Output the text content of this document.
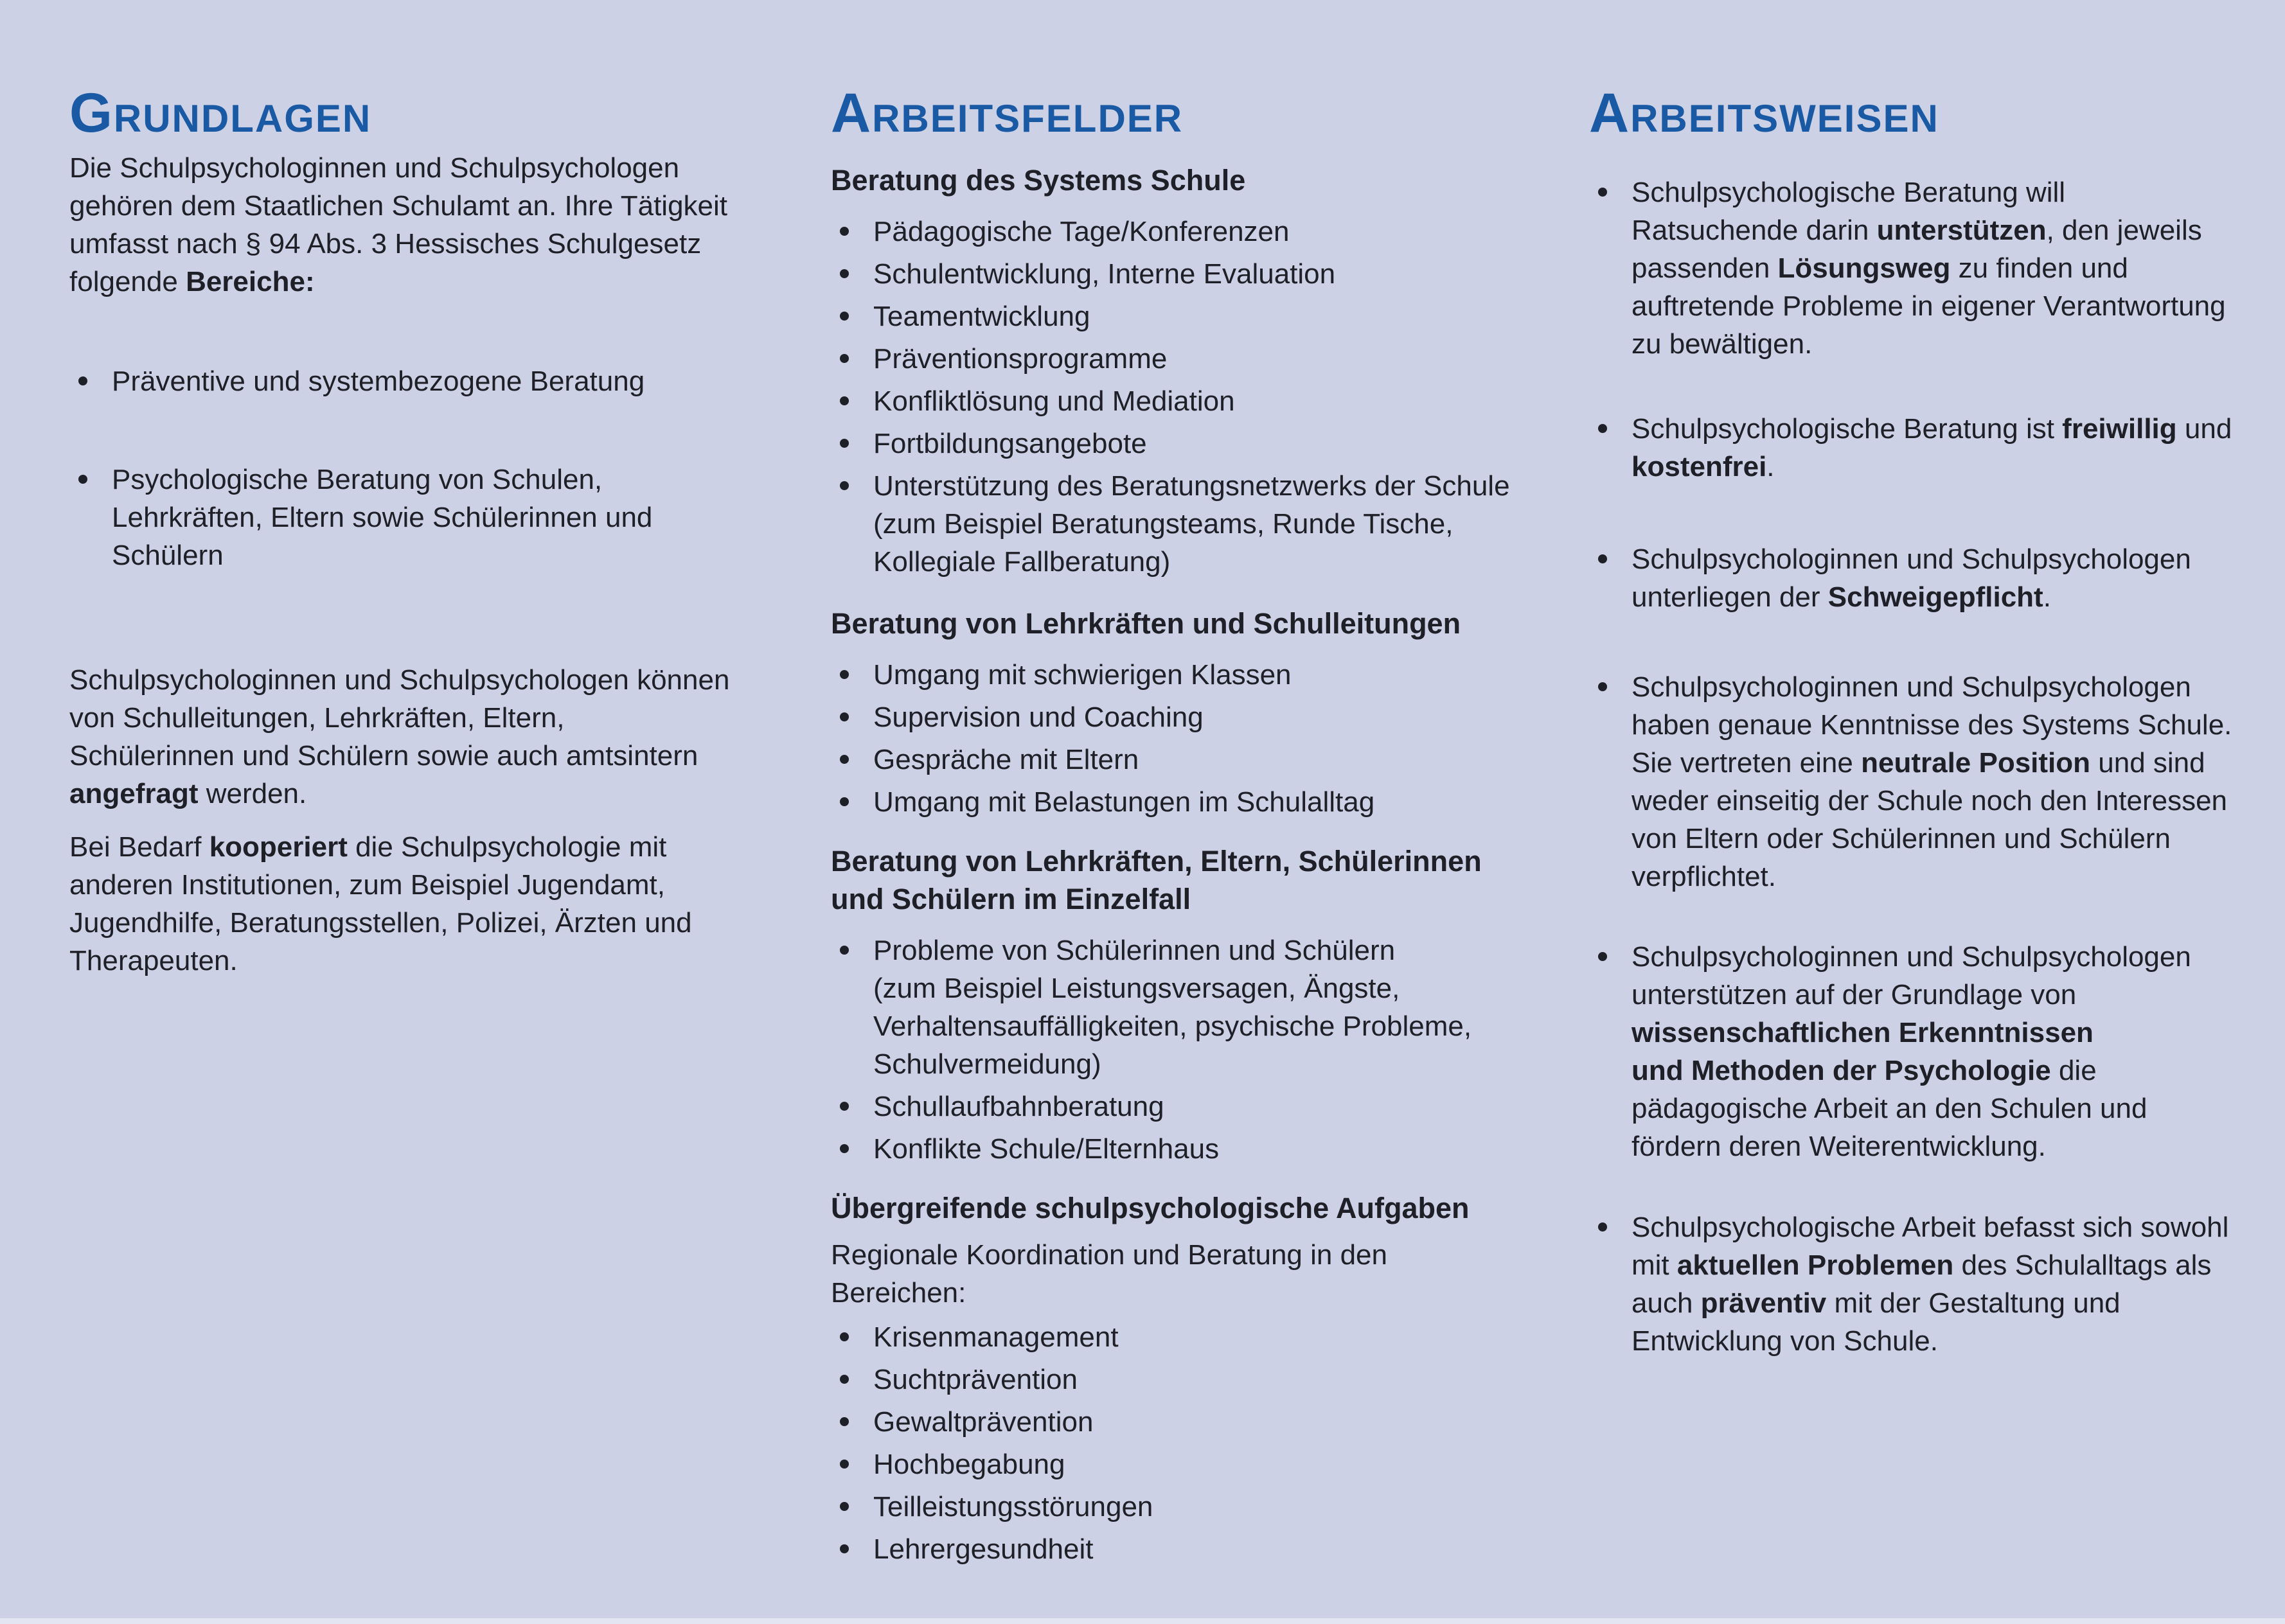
Grundlagen
Die Schulpsychologinnen und Schulpsychologen gehören dem Staatlichen Schulamt an. Ihre Tätigkeit umfasst nach § 94 Abs. 3 Hessisches Schulgesetz folgende Bereiche:
Präventive und systembezogene Beratung
Psychologische Beratung von Schulen, Lehrkräften, Eltern sowie Schülerinnen und Schülern
Schulpsychologinnen und Schulpsychologen können von Schulleitungen, Lehrkräften, Eltern, Schülerinnen und Schülern sowie auch amtsintern angefragt werden.
Bei Bedarf kooperiert die Schulpsychologie mit anderen Institutionen, zum Beispiel Jugendamt, Jugendhilfe, Beratungsstellen, Polizei, Ärzten und Therapeuten.
Arbeitsfelder
Beratung des Systems Schule
Pädagogische Tage/Konferenzen
Schulentwicklung, Interne Evaluation
Teamentwicklung
Präventionsprogramme
Konfliktlösung und Mediation
Fortbildungsangebote
Unterstützung des Beratungsnetzwerks der Schule (zum Beispiel Beratungsteams, Runde Tische, Kollegiale Fallberatung)
Beratung von Lehrkräften und Schulleitungen
Umgang mit schwierigen Klassen
Supervision und Coaching
Gespräche mit Eltern
Umgang mit Belastungen im Schulalltag
Beratung von Lehrkräften, Eltern, Schülerinnen und Schülern im Einzelfall
Probleme von Schülerinnen und Schülern
(zum Beispiel Leistungsversagen, Ängste, Verhaltensauffälligkeiten, psychische Probleme, Schulvermeidung)
Schullaufbahnberatung
Konflikte Schule/Elternhaus
Übergreifende schulpsychologische Aufgaben
Regionale Koordination und Beratung in den Bereichen:
Krisenmanagement
Suchtprävention
Gewaltprävention
Hochbegabung
Teilleistungsstörungen
Lehrergesundheit
Arbeitsweisen
Schulpsychologische Beratung will Ratsuchende darin unterstützen, den jeweils passenden Lösungsweg zu finden und auftretende Probleme in eigener Verantwortung zu bewältigen.
Schulpsychologische Beratung ist freiwillig und kostenfrei.
Schulpsychologinnen und Schulpsychologen unterliegen der Schweigepflicht.
Schulpsychologinnen und Schulpsychologen haben genaue Kenntnisse des Systems Schule. Sie vertreten eine neutrale Position und sind weder einseitig der Schule noch den Interessen von Eltern oder Schülerinnen und Schülern verpflichtet.
Schulpsychologinnen und Schulpsychologen unterstützen auf der Grundlage von wissenschaftlichen Erkenntnissen
und Methoden der Psychologie die pädagogische Arbeit an den Schulen und fördern deren Weiterentwicklung.
Schulpsychologische Arbeit befasst sich sowohl mit aktuellen Problemen des Schulalltags als auch präventiv mit der Gestaltung und Entwicklung von Schule.
